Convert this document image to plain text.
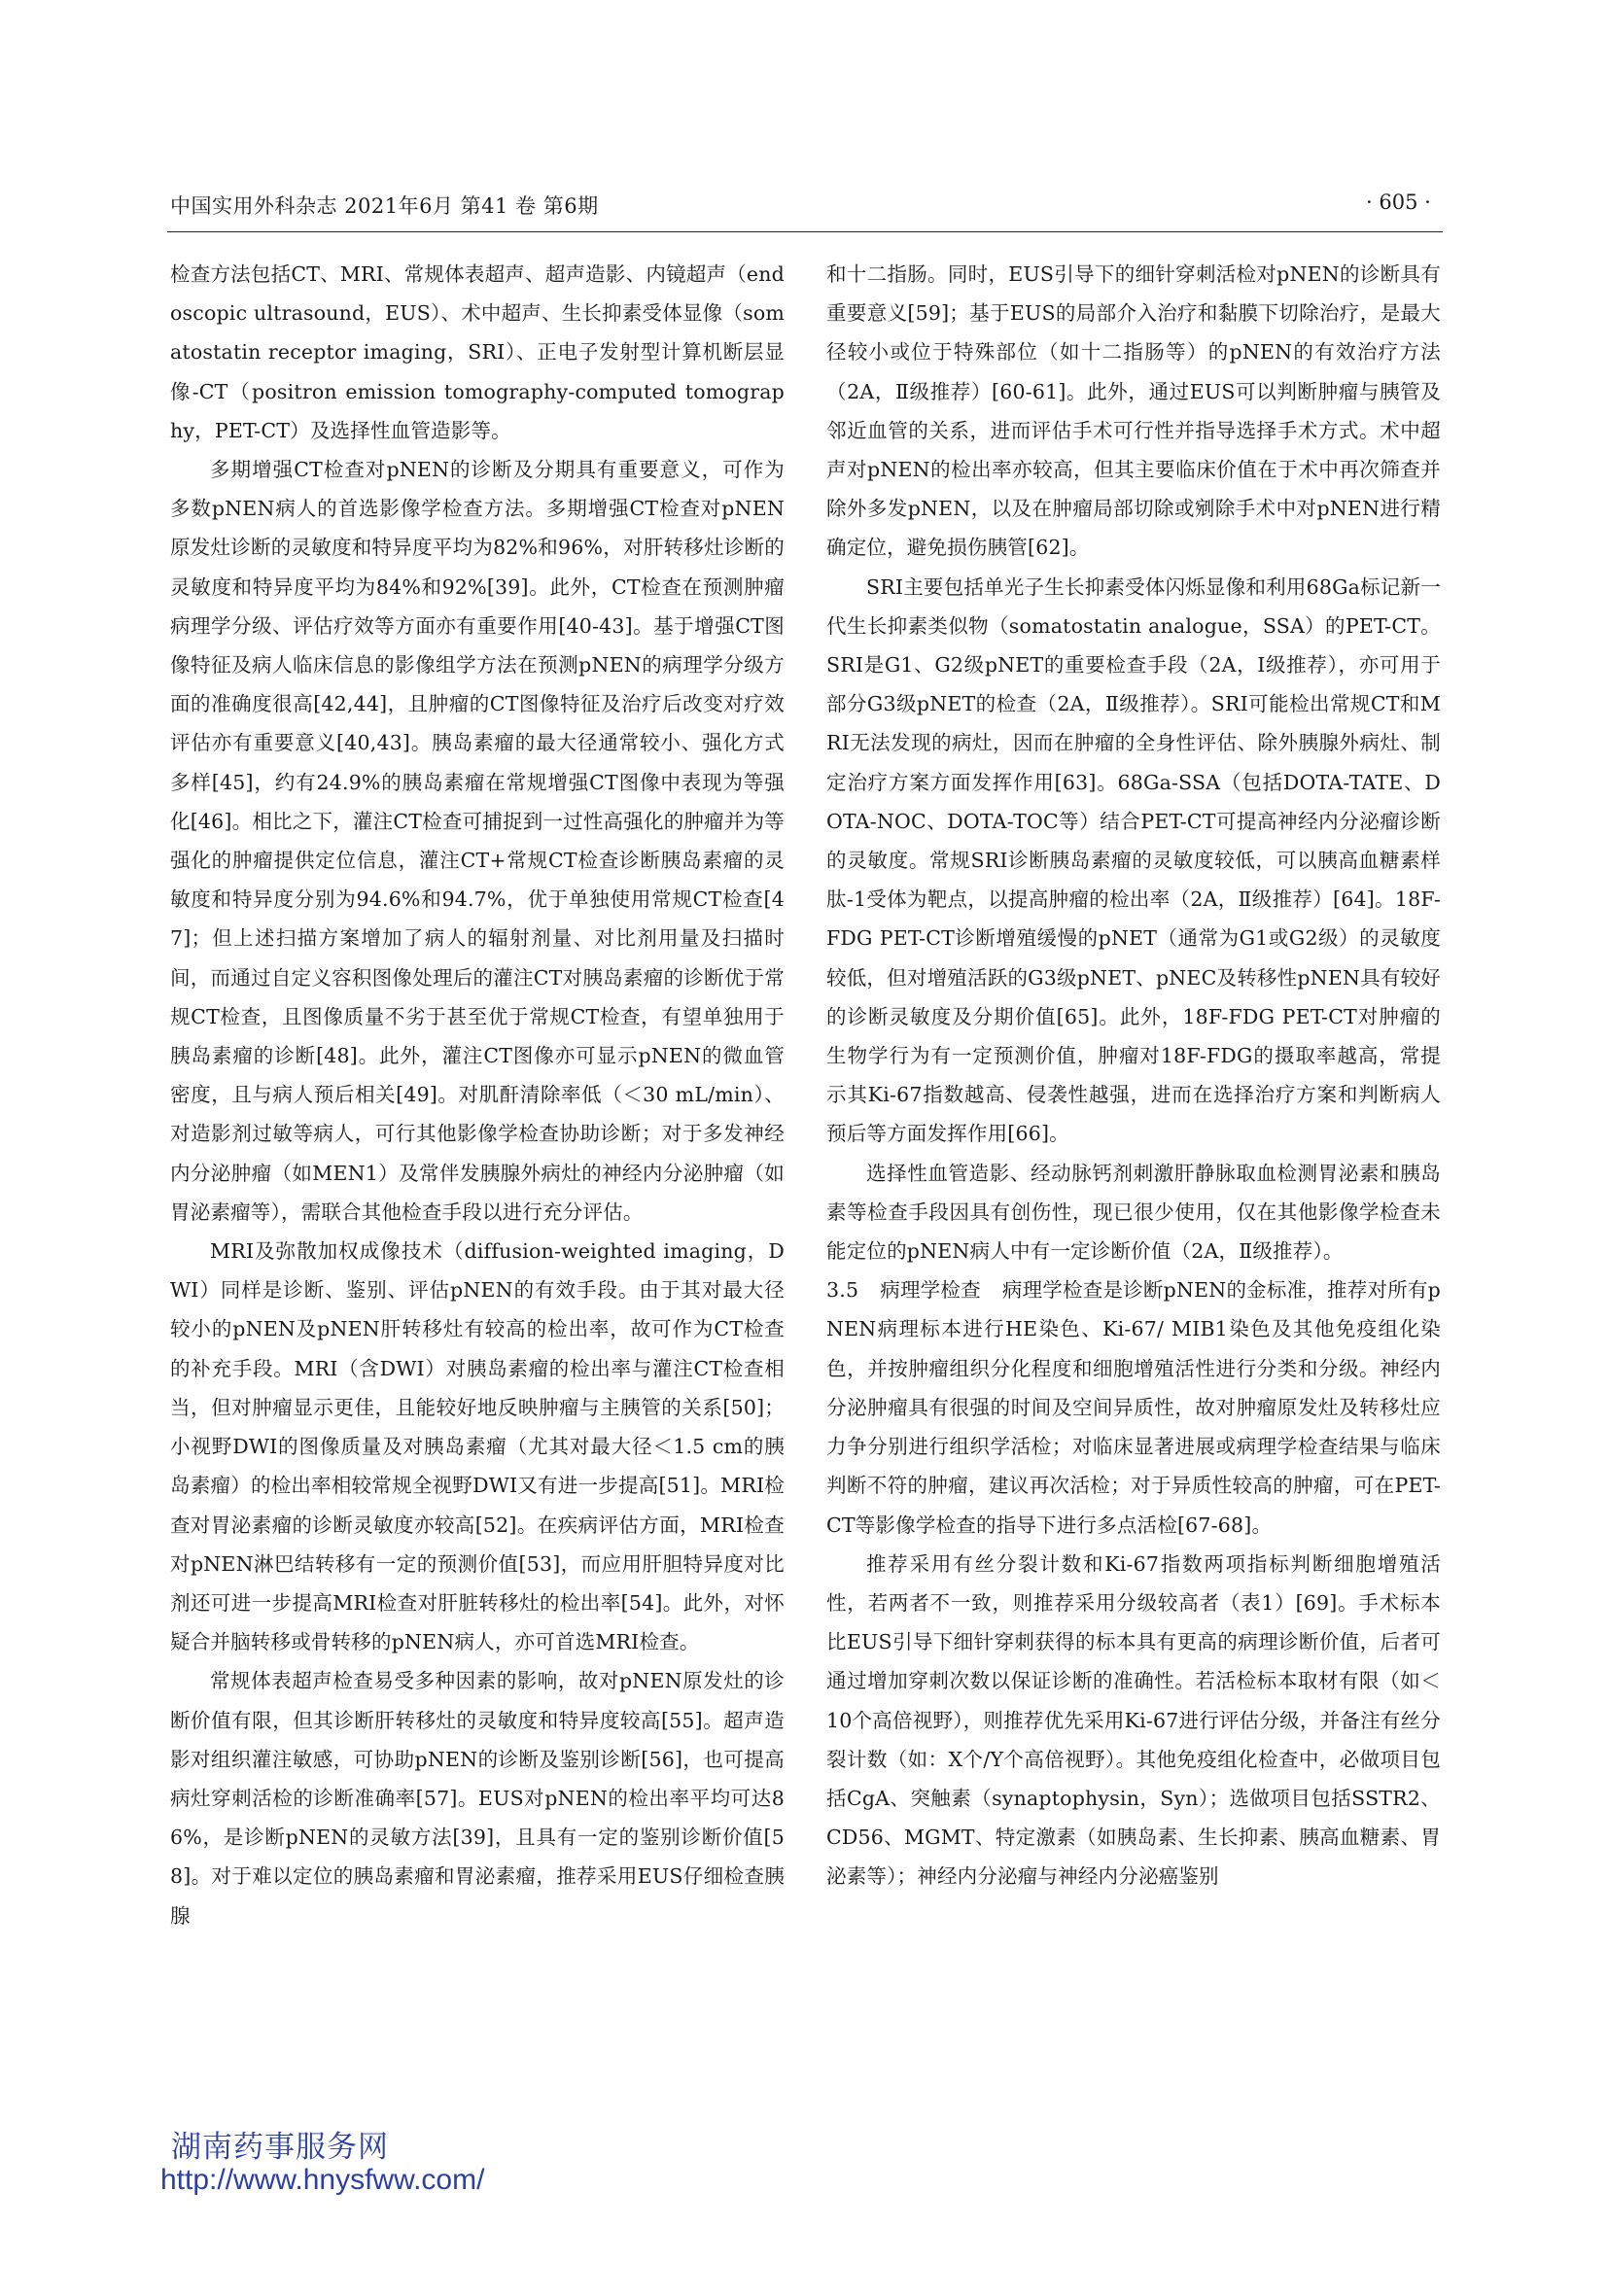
中国实用外科杂志 2021年6月 第41 卷 第6期	· 605 ·

检查方法包括CT、MRI、常规体表超声、超声造影、内镜超声（endoscopic ultrasound，EUS）、术中超声、生长抑素受体显像（somatostatin receptor imaging，SRI）、正电子发射型计算机断层显像-CT（positron emission tomography-computed tomography，PET-CT）及选择性血管造影等。

多期增强CT检查对pNEN的诊断及分期具有重要意义，可作为多数pNEN病人的首选影像学检查方法。多期增强CT检查对pNEN原发灶诊断的灵敏度和特异度平均为82%和96%，对肝转移灶诊断的灵敏度和特异度平均为84%和92%[39]。此外，CT检查在预测肿瘤病理学分级、评估疗效等方面亦有重要作用[40-43]。基于增强CT图像特征及病人临床信息的影像组学方法在预测pNEN的病理学分级方面的准确度很高[42,44]，且肿瘤的CT图像特征及治疗后改变对疗效评估亦有重要意义[40,43]。胰岛素瘤的最大径通常较小、强化方式多样[45]，约有24.9%的胰岛素瘤在常规增强CT图像中表现为等强化[46]。相比之下，灌注CT检查可捕捉到一过性高强化的肿瘤并为等强化的肿瘤提供定位信息，灌注CT+常规CT检查诊断胰岛素瘤的灵敏度和特异度分别为94.6%和94.7%，优于单独使用常规CT检查[47]；但上述扫描方案增加了病人的辐射剂量、对比剂用量及扫描时间，而通过自定义容积图像处理后的灌注CT对胰岛素瘤的诊断优于常规CT检查，且图像质量不劣于甚至优于常规CT检查，有望单独用于胰岛素瘤的诊断[48]。此外，灌注CT图像亦可显示pNEN的微血管密度，且与病人预后相关[49]。对肌酐清除率低（＜30 mL/min）、对造影剂过敏等病人，可行其他影像学检查协助诊断；对于多发神经内分泌肿瘤（如MEN1）及常伴发胰腺外病灶的神经内分泌肿瘤（如胃泌素瘤等），需联合其他检查手段以进行充分评估。

MRI及弥散加权成像技术（diffusion-weighted imaging，DWI）同样是诊断、鉴别、评估pNEN的有效手段。由于其对最大径较小的pNEN及pNEN肝转移灶有较高的检出率，故可作为CT检查的补充手段。MRI（含DWI）对胰岛素瘤的检出率与灌注CT检查相当，但对肿瘤显示更佳，且能较好地反映肿瘤与主胰管的关系[50]；小视野DWI的图像质量及对胰岛素瘤（尤其对最大径＜1.5 cm的胰岛素瘤）的检出率相较常规全视野DWI又有进一步提高[51]。MRI检查对胃泌素瘤的诊断灵敏度亦较高[52]。在疾病评估方面，MRI检查对pNEN淋巴结转移有一定的预测价值[53]，而应用肝胆特异度对比剂还可进一步提高MRI检查对肝脏转移灶的检出率[54]。此外，对怀疑合并脑转移或骨转移的pNEN病人，亦可首选MRI检查。

常规体表超声检查易受多种因素的影响，故对pNEN原发灶的诊断价值有限，但其诊断肝转移灶的灵敏度和特异度较高[55]。超声造影对组织灌注敏感，可协助pNEN的诊断及鉴别诊断[56]，也可提高病灶穿刺活检的诊断准确率[57]。EUS对pNEN的检出率平均可达86%，是诊断pNEN的灵敏方法[39]，且具有一定的鉴别诊断价值[58]。对于难以定位的胰岛素瘤和胃泌素瘤，推荐采用EUS仔细检查胰腺

和十二指肠。同时，EUS引导下的细针穿刺活检对pNEN的诊断具有重要意义[59]；基于EUS的局部介入治疗和黏膜下切除治疗，是最大径较小或位于特殊部位（如十二指肠等）的pNEN的有效治疗方法（2A，Ⅱ级推荐）[60-61]。此外，通过EUS可以判断肿瘤与胰管及邻近血管的关系，进而评估手术可行性并指导选择手术方式。术中超声对pNEN的检出率亦较高，但其主要临床价值在于术中再次筛查并除外多发pNEN，以及在肿瘤局部切除或剜除手术中对pNEN进行精确定位，避免损伤胰管[62]。

SRI主要包括单光子生长抑素受体闪烁显像和利用68Ga标记新一代生长抑素类似物（somatostatin analogue，SSA）的PET-CT。SRI是G1、G2级pNET的重要检查手段（2A，Ⅰ级推荐），亦可用于部分G3级pNET的检查（2A，Ⅱ级推荐）。SRI可能检出常规CT和MRI无法发现的病灶，因而在肿瘤的全身性评估、除外胰腺外病灶、制定治疗方案方面发挥作用[63]。68Ga-SSA（包括DOTA-TATE、DOTA-NOC、DOTA-TOC等）结合PET-CT可提高神经内分泌瘤诊断的灵敏度。常规SRI诊断胰岛素瘤的灵敏度较低，可以胰高血糖素样肽-1受体为靶点，以提高肿瘤的检出率（2A，Ⅱ级推荐）[64]。18F-FDG PET-CT诊断增殖缓慢的pNET（通常为G1或G2级）的灵敏度较低，但对增殖活跃的G3级pNET、pNEC及转移性pNEN具有较好的诊断灵敏度及分期价值[65]。此外，18F-FDG PET-CT对肿瘤的生物学行为有一定预测价值，肿瘤对18F-FDG的摄取率越高，常提示其Ki-67指数越高、侵袭性越强，进而在选择治疗方案和判断病人预后等方面发挥作用[66]。

选择性血管造影、经动脉钙剂刺激肝静脉取血检测胃泌素和胰岛素等检查手段因具有创伤性，现已很少使用，仅在其他影像学检查未能定位的pNEN病人中有一定诊断价值（2A，Ⅱ级推荐）。

3.5 病理学检查 病理学检查是诊断pNEN的金标准，推荐对所有pNEN病理标本进行HE染色、Ki-67/ MIB1染色及其他免疫组化染色，并按肿瘤组织分化程度和细胞增殖活性进行分类和分级。神经内分泌肿瘤具有很强的时间及空间异质性，故对肿瘤原发灶及转移灶应力争分别进行组织学活检；对临床显著进展或病理学检查结果与临床判断不符的肿瘤，建议再次活检；对于异质性较高的肿瘤，可在PET-CT等影像学检查的指导下进行多点活检[67-68]。

推荐采用有丝分裂计数和Ki-67指数两项指标判断细胞增殖活性，若两者不一致，则推荐采用分级较高者（表1）[69]。手术标本比EUS引导下细针穿刺获得的标本具有更高的病理诊断价值，后者可通过增加穿刺次数以保证诊断的准确性。若活检标本取材有限（如＜10个高倍视野），则推荐优先采用Ki-67进行评估分级，并备注有丝分裂计数（如：X个/Y个高倍视野）。其他免疫组化检查中，必做项目包括CgA、突触素（synaptophysin，Syn）；选做项目包括SSTR2、CD56、MGMT、特定激素（如胰岛素、生长抑素、胰高血糖素、胃泌素等）；神经内分泌瘤与神经内分泌癌鉴别

湖南药事服务网
http://www.hnysfww.com/
